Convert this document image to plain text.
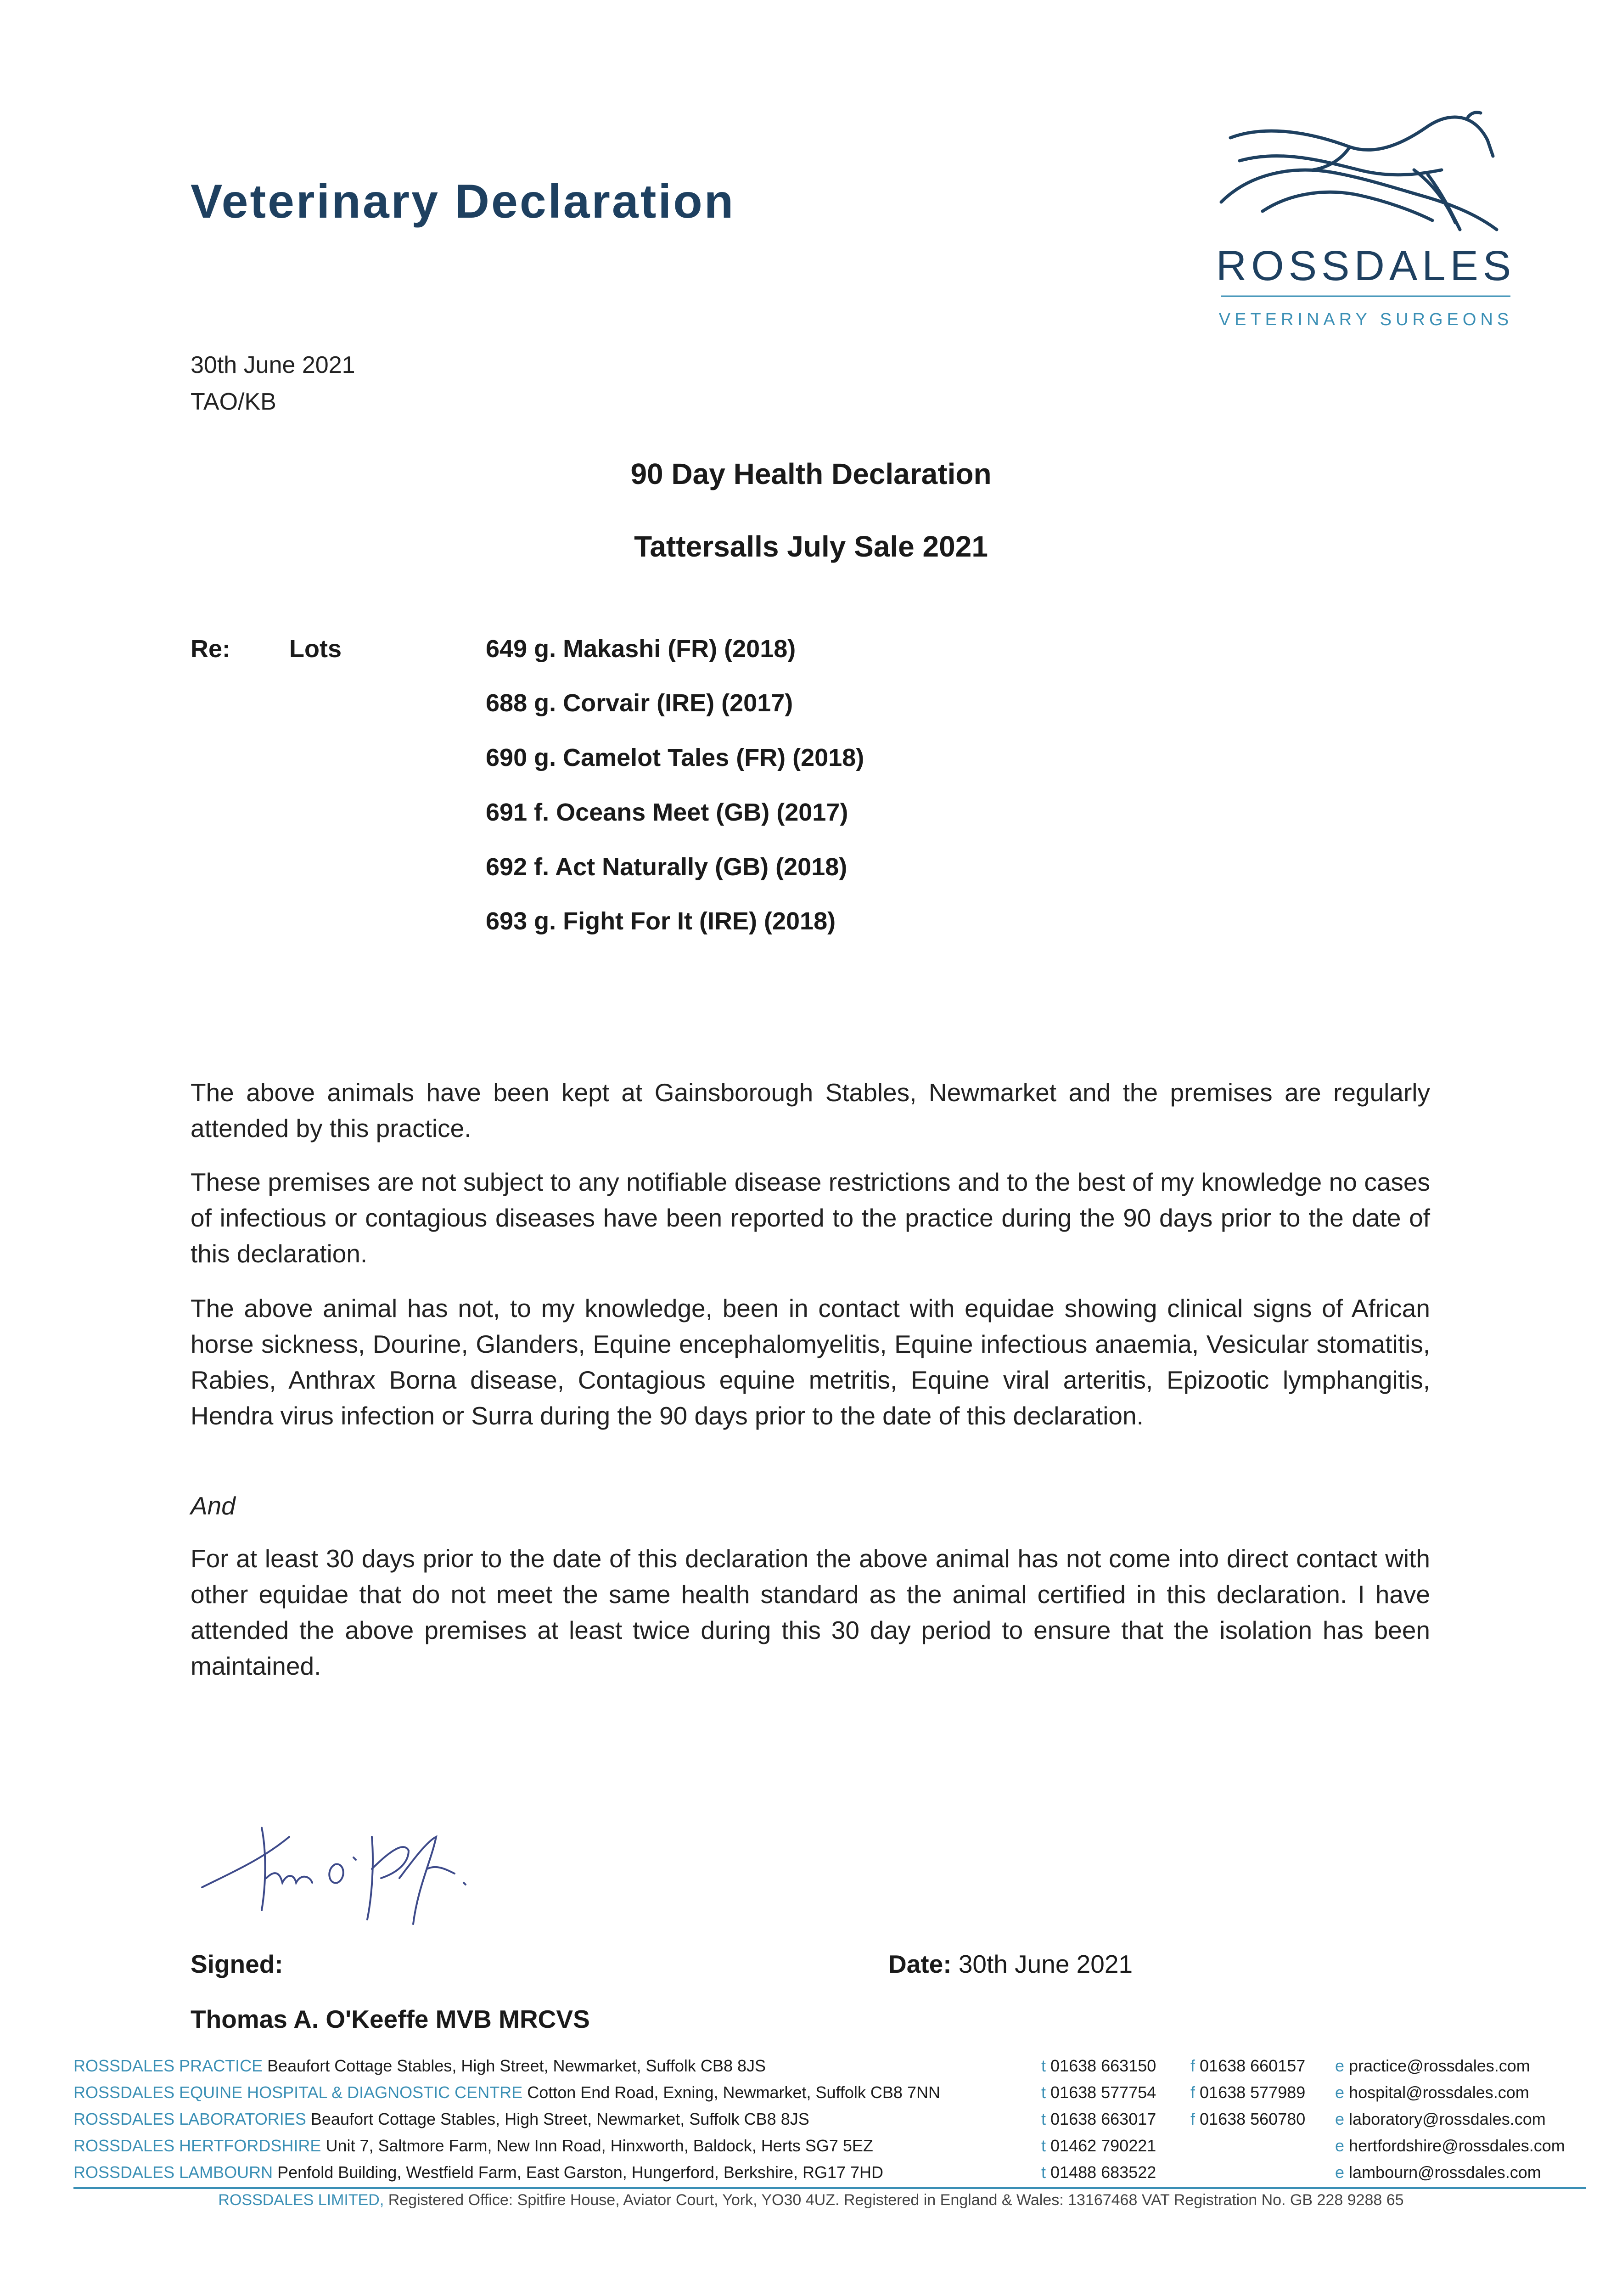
Veterinary Declaration
ROSSDALES
VETERINARY SURGEONS
30th June 2021
TAO/KB
90 Day Health Declaration
Tattersalls July Sale 2021
Re: Lots	649 g. Makashi (FR) (2018)
688 g. Corvair (IRE) (2017)
690 g. Camelot Tales (FR) (2018)
691 f. Oceans Meet (GB) (2017)
692 f. Act Naturally (GB) (2018)
693 g. Fight For It (IRE) (2018)
The above animals have been kept at Gainsborough Stables, Newmarket and the premises are regularly attended by this practice.
These premises are not subject to any notifiable disease restrictions and to the best of my knowledge no cases of infectious or contagious diseases have been reported to the practice during the 90 days prior to the date of this declaration.
The above animal has not, to my knowledge, been in contact with equidae showing clinical signs of African horse sickness, Dourine, Glanders, Equine encephalomyelitis, Equine infectious anaemia, Vesicular stomatitis, Rabies, Anthrax Borna disease, Contagious equine metritis, Equine viral arteritis, Epizootic lymphangitis, Hendra virus infection or Surra during the 90 days prior to the date of this declaration.
And
For at least 30 days prior to the date of this declaration the above animal has not come into direct contact with other equidae that do not meet the same health standard as the animal certified in this declaration. I have attended the above premises at least twice during this 30 day period to ensure that the isolation has been maintained.
Signed:	Date: 30th June 2021
Thomas A. O'Keeffe MVB MRCVS
ROSSDALES PRACTICE Beaufort Cottage Stables, High Street, Newmarket, Suffolk CB8 8JS
ROSSDALES EQUINE HOSPITAL & DIAGNOSTIC CENTRE Cotton End Road, Exning, Newmarket, Suffolk CB8 7NN
ROSSDALES LABORATORIES Beaufort Cottage Stables, High Street, Newmarket, Suffolk CB8 8JS
ROSSDALES HERTFORDSHIRE Unit 7, Saltmore Farm, New Inn Road, Hinxworth, Baldock, Herts SG7 5EZ
ROSSDALES LAMBOURN Penfold Building, Westfield Farm, East Garston, Hungerford, Berkshire, RG17 7HD
t 01638 663150
t 01638 577754
t 01638 663017
t 01462 790221
t 01488 683522
f 01638 660157
f 01638 577989
f 01638 560780
e practice@rossdales.com
e hospital@rossdales.com
e laboratory@rossdales.com
e hertfordshire@rossdales.com
e lambourn@rossdales.com
ROSSDALES LIMITED, Registered Office: Spitfire House, Aviator Court, York, YO30 4UZ. Registered in England & Wales: 13167468 VAT Registration No. GB 228 9288 65
